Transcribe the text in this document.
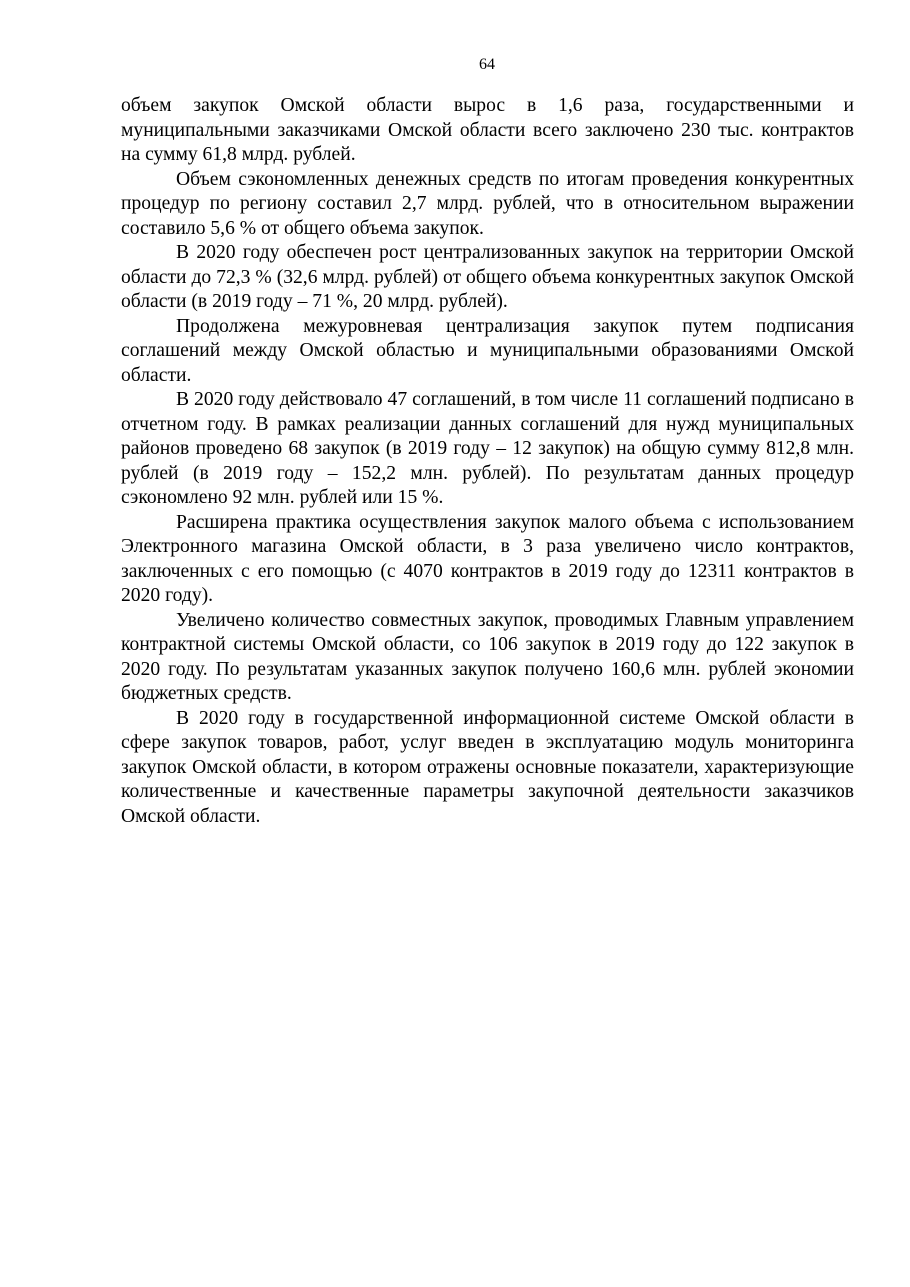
64

объем закупок Омской области вырос в 1,6 раза, государственными и муниципальными заказчиками Омской области всего заключено 230 тыс. контрактов на сумму 61,8 млрд. рублей.

Объем сэкономленных денежных средств по итогам проведения конкурентных процедур по региону составил 2,7 млрд. рублей, что в относительном выражении составило 5,6 % от общего объема закупок.

В 2020 году обеспечен рост централизованных закупок на территории Омской области до 72,3 % (32,6 млрд. рублей) от общего объема конкурентных закупок Омской области (в 2019 году – 71 %, 20 млрд. рублей).

Продолжена межуровневая централизация закупок путем подписания соглашений между Омской областью и муниципальными образованиями Омской области.

В 2020 году действовало 47 соглашений, в том числе 11 соглашений подписано в отчетном году. В рамках реализации данных соглашений для нужд муниципальных районов проведено 68 закупок (в 2019 году – 12 закупок) на общую сумму 812,8 млн. рублей (в 2019 году – 152,2 млн. рублей). По результатам данных процедур сэкономлено 92 млн. рублей или 15 %.

Расширена практика осуществления закупок малого объема с использованием Электронного магазина Омской области, в 3 раза увеличено число контрактов, заключенных с его помощью (с 4070 контрактов в 2019 году до 12311 контрактов в 2020 году).

Увеличено количество совместных закупок, проводимых Главным управлением контрактной системы Омской области, со 106 закупок в 2019 году до 122 закупок в 2020 году. По результатам указанных закупок получено 160,6 млн. рублей экономии бюджетных средств.

В 2020 году в государственной информационной системе Омской области в сфере закупок товаров, работ, услуг введен в эксплуатацию модуль мониторинга закупок Омской области, в котором отражены основные показатели, характеризующие количественные и качественные параметры закупочной деятельности заказчиков Омской области.
